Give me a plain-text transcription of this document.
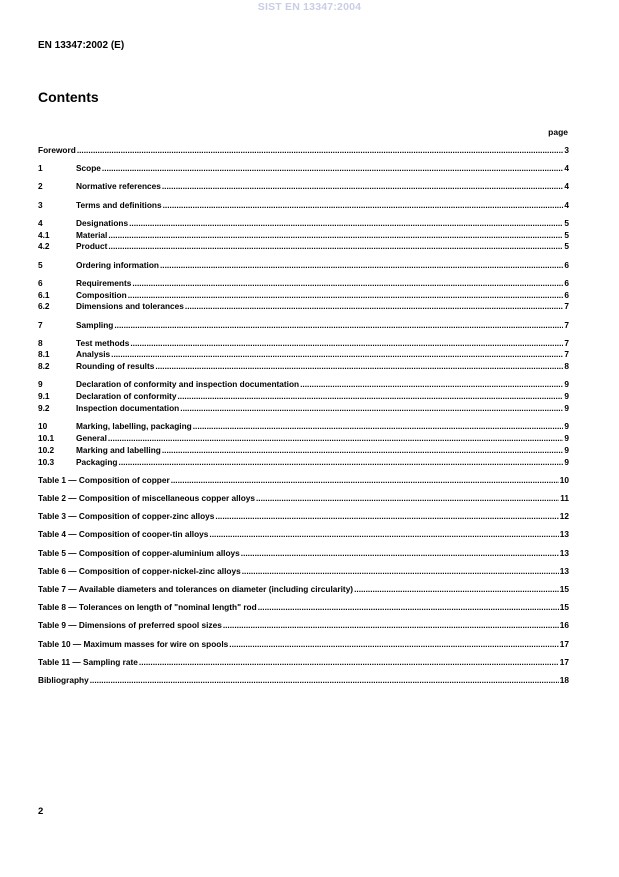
SIST EN 13347:2004
EN 13347:2002 (E)
Contents
page
Foreword .....	3
1	Scope .....	4
2	Normative references .....	4
3	Terms and definitions .....	4
4	Designations .....	5
4.1	Material .....	5
4.2	Product .....	5
5	Ordering information .....	6
6	Requirements .....	6
6.1	Composition .....	6
6.2	Dimensions and tolerances .....	7
7	Sampling .....	7
8	Test methods .....	7
8.1	Analysis .....	7
8.2	Rounding of results .....	8
9	Declaration of conformity and inspection documentation .....	9
9.1	Declaration of conformity .....	9
9.2	Inspection documentation .....	9
10	Marking, labelling, packaging .....	9
10.1	General .....	9
10.2	Marking and labelling .....	9
10.3	Packaging .....	9
Table 1 — Composition of copper .....	10
Table 2 — Composition of miscellaneous copper alloys .....	11
Table 3 — Composition of copper-zinc alloys .....	12
Table 4 — Composition of cooper-tin alloys .....	13
Table 5 — Composition of copper-aluminium alloys .....	13
Table 6 — Composition of copper-nickel-zinc alloys .....	13
Table 7 — Available diameters and tolerances on diameter (including circularity) .....	15
Table 8 — Tolerances on length of "nominal length" rod .....	15
Table 9 — Dimensions of preferred spool sizes .....	16
Table 10 — Maximum masses for wire on spools .....	17
Table 11 — Sampling rate .....	17
Bibliography .....	18
2
